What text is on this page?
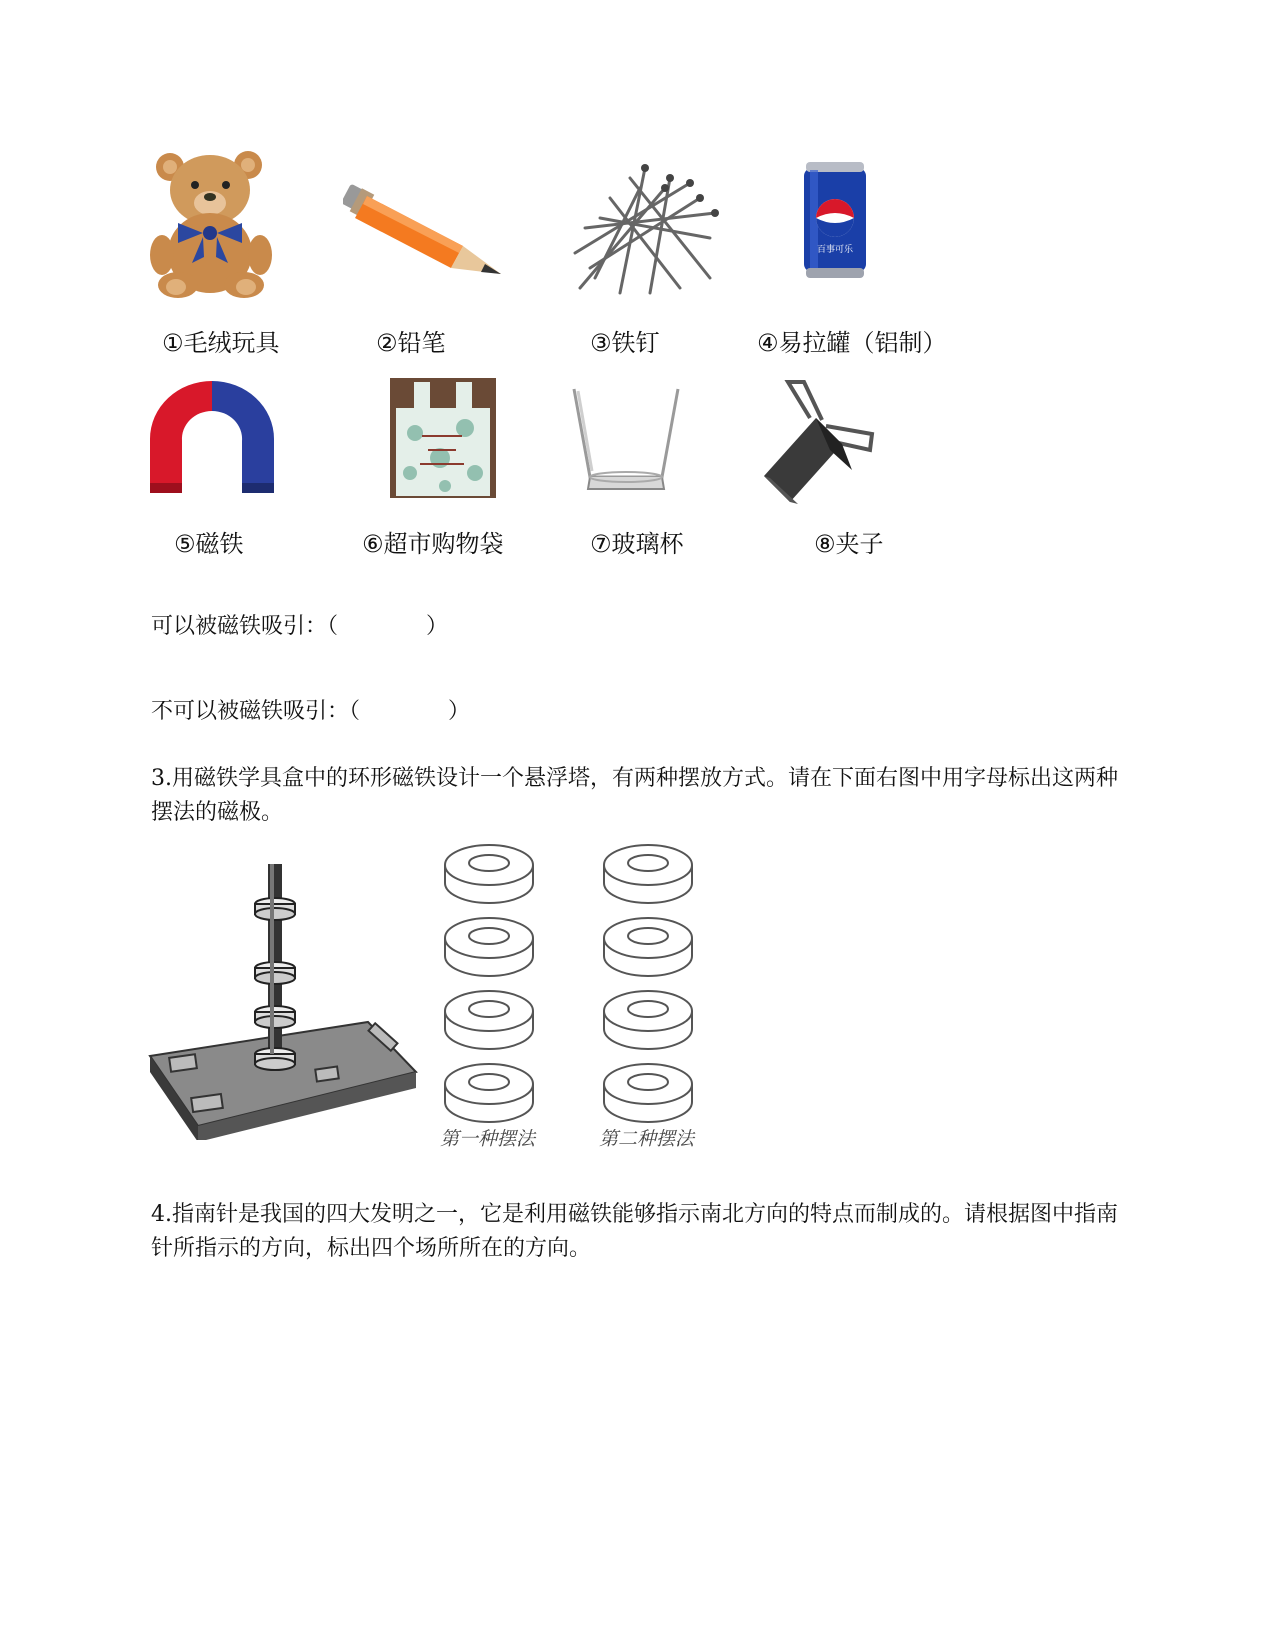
百事可乐
①毛绒玩具	②铅笔	③铁钉	④易拉罐（铝制）
⑤磁铁	⑥超市购物袋	⑦玻璃杯	⑧夹子
可以被磁铁吸引：（　　　　）
不可以被磁铁吸引：（　　　　）
3.用磁铁学具盒中的环形磁铁设计一个悬浮塔，有两种摆放方式。请在下面右图中用字母标出这两种摆法的磁极。
第一种摆法	第二种摆法
4.指南针是我国的四大发明之一，它是利用磁铁能够指示南北方向的特点而制成的。请根据图中指南针所指示的方向，标出四个场所所在的方向。
